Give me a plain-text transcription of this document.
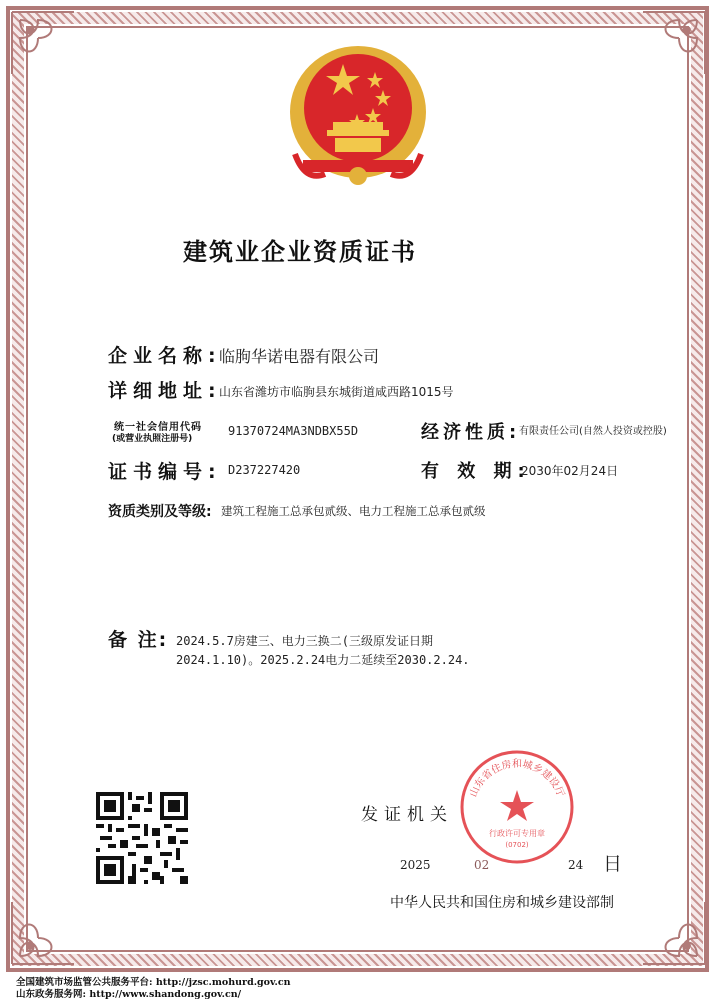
建筑业企业资质证书
企业名称:
临朐华诺电器有限公司
详细地址:
山东省潍坊市临朐县东城街道咸西路1015号
统一社会信用代码
(或营业执照注册号)
91370724MA3NDBX55D	经济性质:
有限责任公司(自然人投资或控股)
证书编号: D237227420	有 效 期:
2030年02月24日
资质类别及等级: 建筑工程施工总承包贰级、电力工程施工总承包贰级
备 注: 2024.5.7房建三、电力三换二(三级原发证日期
2024.1.10)。2025.2.24电力二延续至2030.2.24.
发证机关
山东省住房和城乡建设厅
行政许可专用章
(0702)
2025	02	24 日
中华人民共和国住房和城乡建设部制
全国建筑市场监管公共服务平台: http://jzsc.mohurd.gov.cn
山东政务服务网: http://www.shandong.gov.cn/
